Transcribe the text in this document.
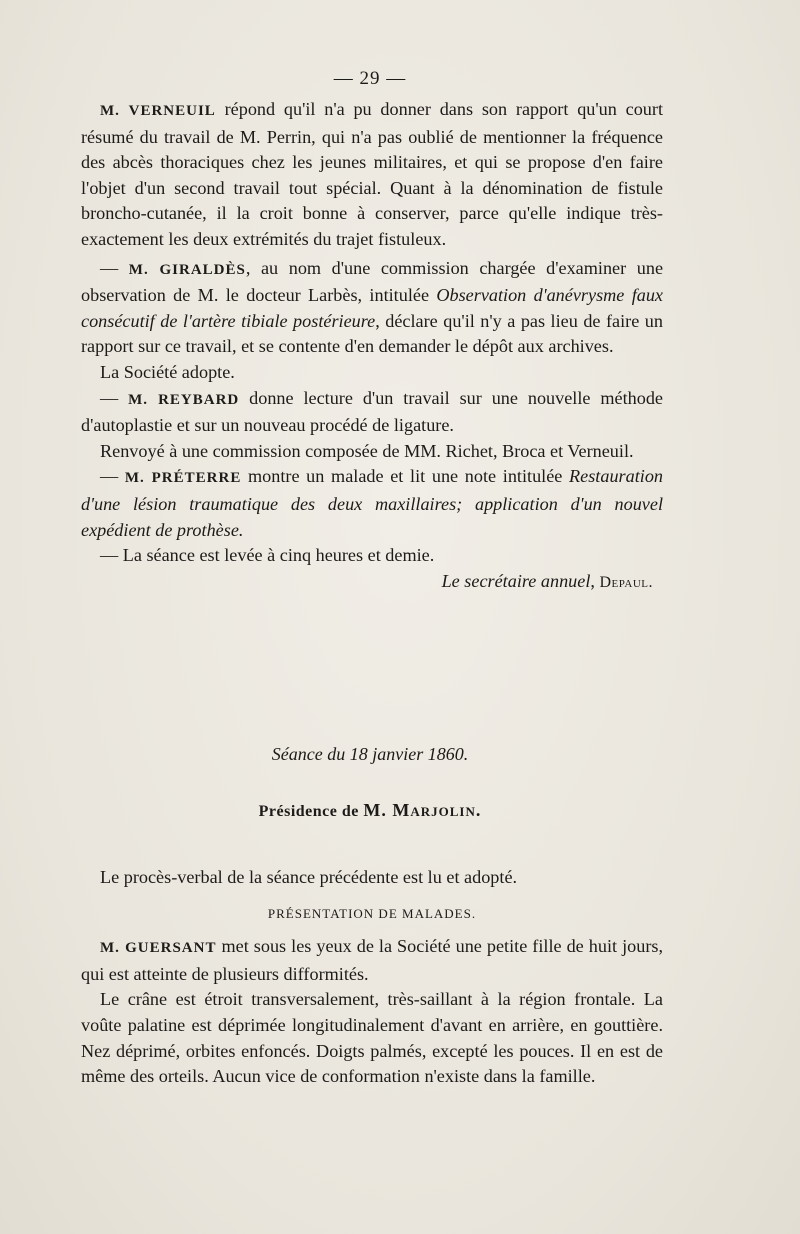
— 29 —

M. VERNEUIL répond qu'il n'a pu donner dans son rapport qu'un court résumé du travail de M. Perrin, qui n'a pas oublié de mentionner la fréquence des abcès thoraciques chez les jeunes militaires, et qui se propose d'en faire l'objet d'un second travail tout spécial. Quant à la dénomination de fistule broncho-cutanée, il la croit bonne à conserver, parce qu'elle indique très-exactement les deux extrémités du trajet fistuleux.

— M. GIRALDÈS, au nom d'une commission chargée d'examiner une observation de M. le docteur Larbès, intitulée Observation d'anévrysme faux consécutif de l'artère tibiale postérieure, déclare qu'il n'y a pas lieu de faire un rapport sur ce travail, et se contente d'en demander le dépôt aux archives.

La Société adopte.

— M. REYBARD donne lecture d'un travail sur une nouvelle méthode d'autoplastie et sur un nouveau procédé de ligature.

Renvoyé à une commission composée de MM. Richet, Broca et Verneuil.

— M. PRÉTERRE montre un malade et lit une note intitulée Restauration d'une lésion traumatique des deux maxillaires; application d'un nouvel expédient de prothèse.

— La séance est levée à cinq heures et demie.

Le secrétaire annuel, Depaul.

Séance du 18 janvier 1860.
Présidence de M. Marjolin.

Le procès-verbal de la séance précédente est lu et adopté.

PRÉSENTATION DE MALADES.

M. GUERSANT met sous les yeux de la Société une petite fille de huit jours, qui est atteinte de plusieurs difformités.

Le crâne est étroit transversalement, très-saillant à la région frontale. La voûte palatine est déprimée longitudinalement d'avant en arrière, en gouttière. Nez déprimé, orbites enfoncés. Doigts palmés, excepté les pouces. Il en est de même des orteils. Aucun vice de conformation n'existe dans la famille.
